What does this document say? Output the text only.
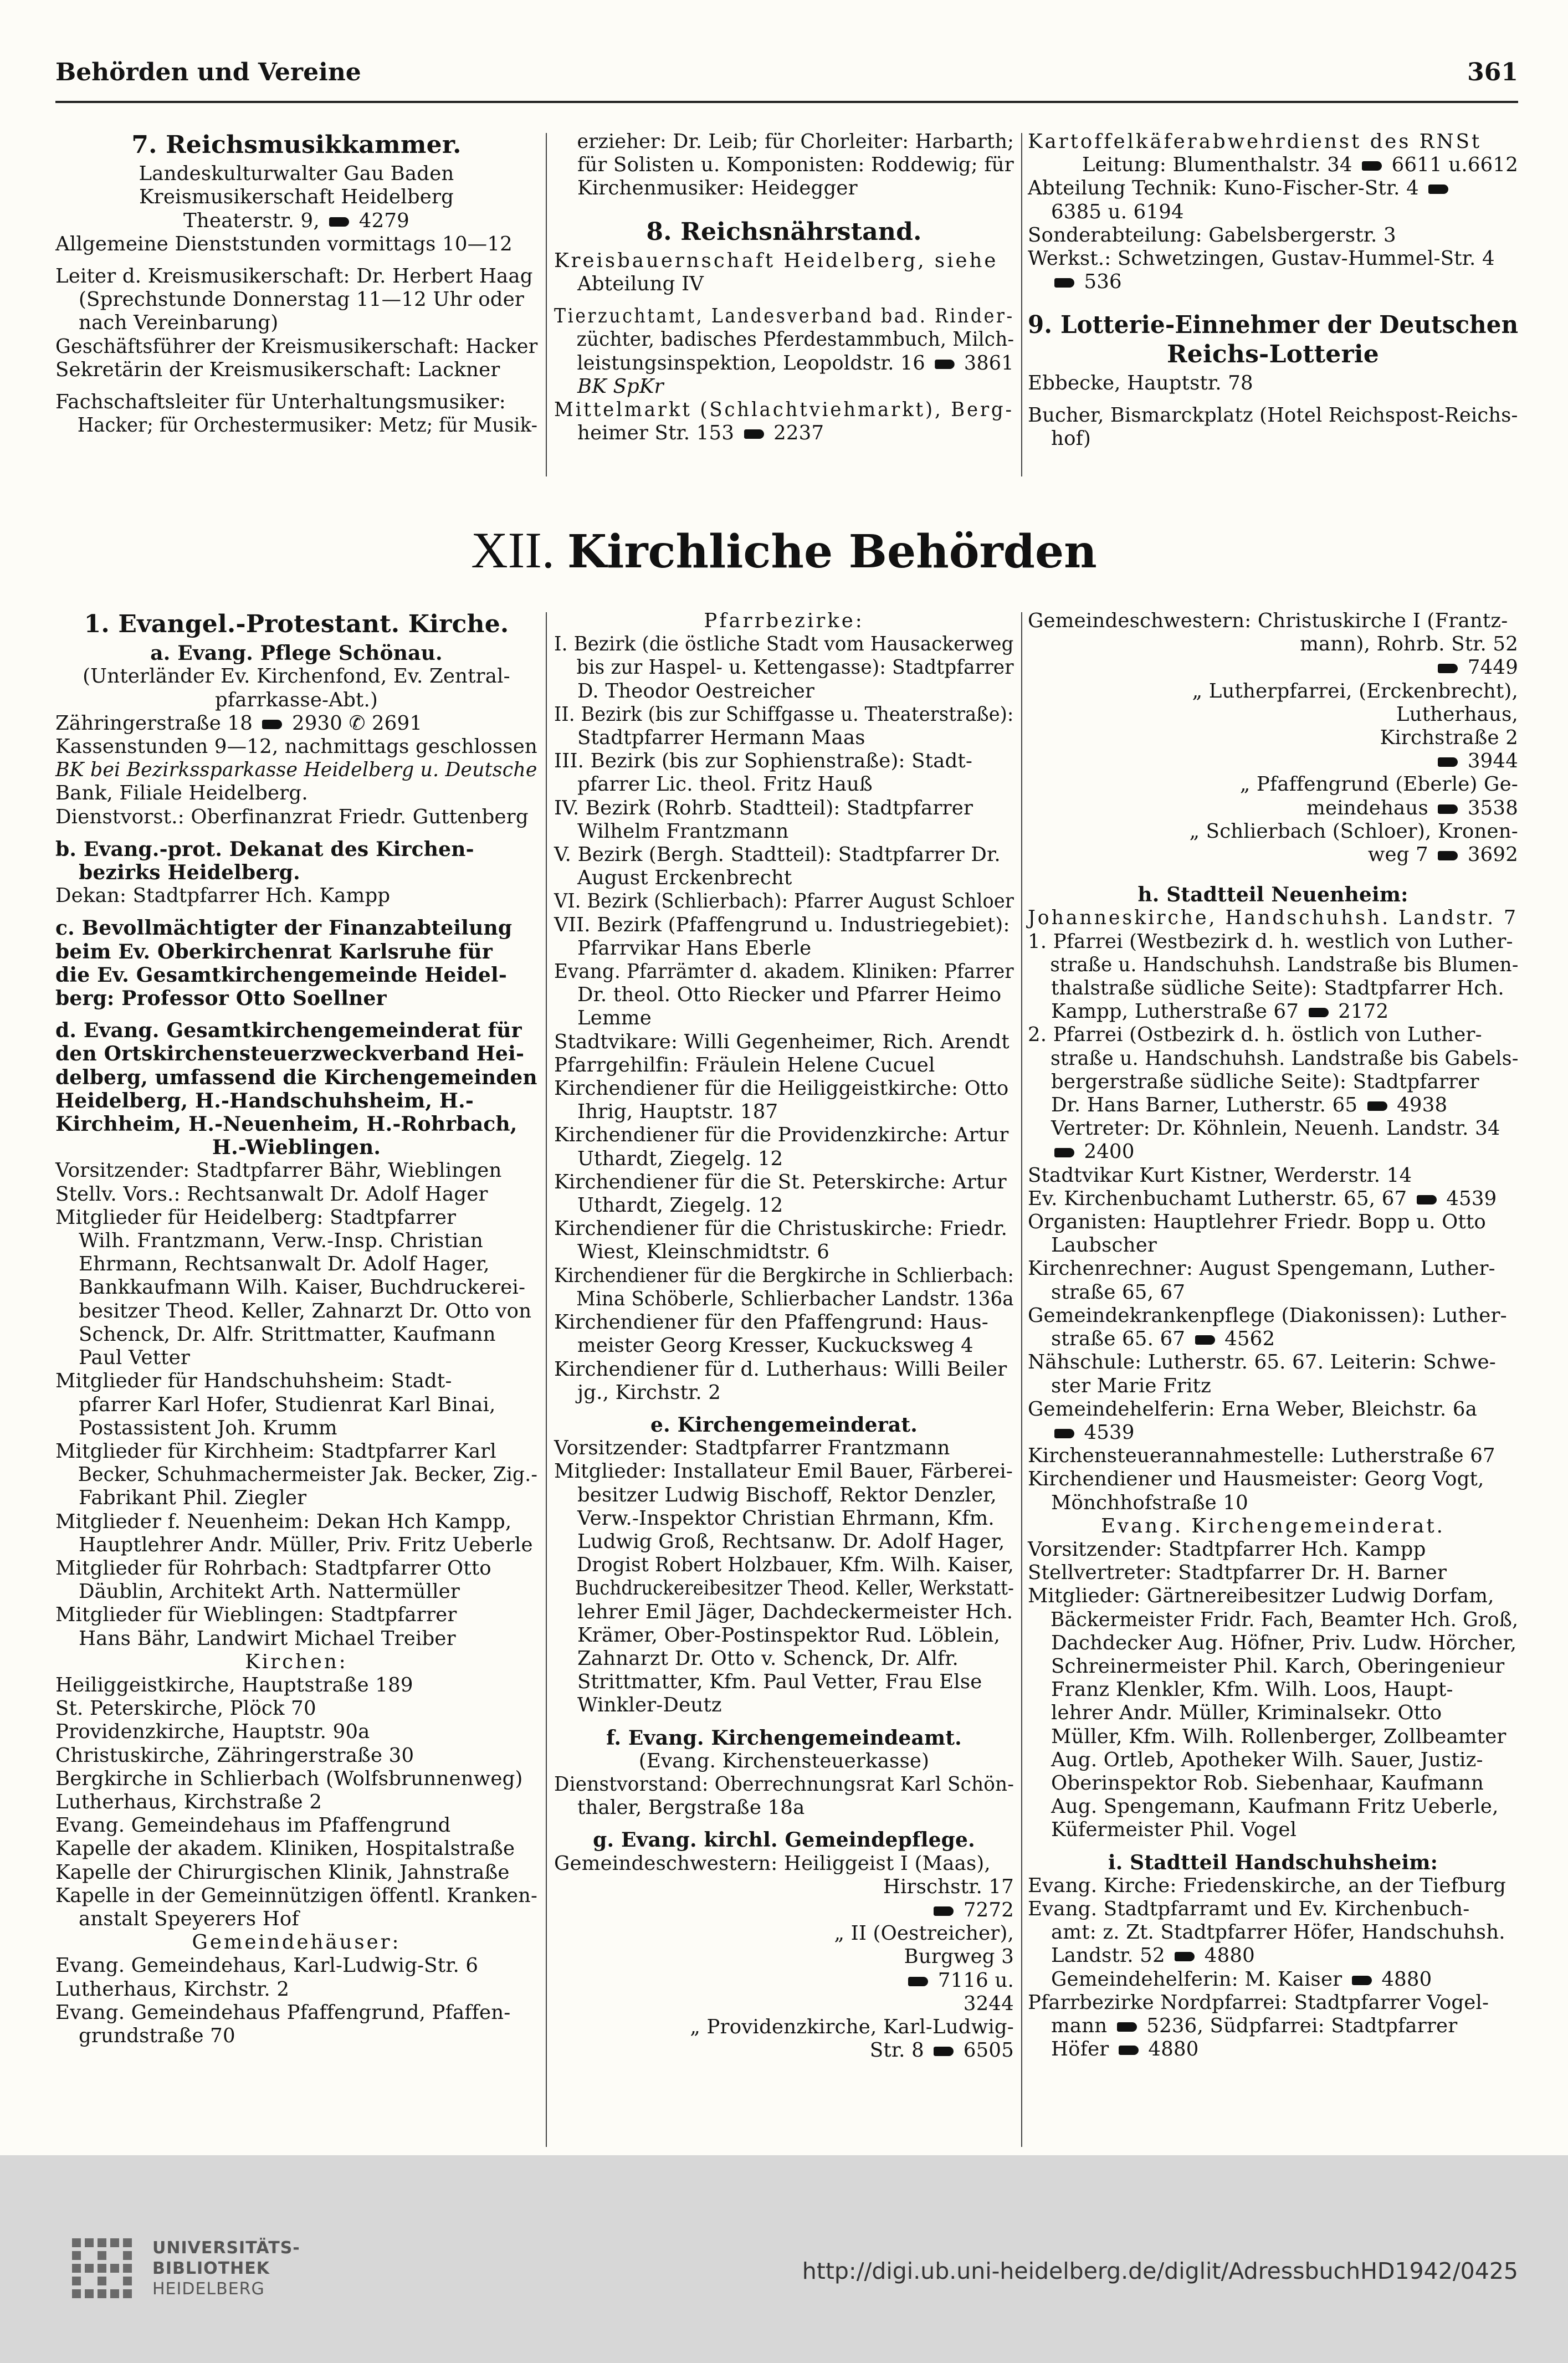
Behörden und Vereine	361

7. Reichsmusikkammer.

Landeskulturwalter Gau Baden

Kreismusikerschaft Heidelberg

Theaterstr. 9,  4279

Allgemeine Dienststunden vormittags 10—12

Leiter d. Kreismusikerschaft: Dr. Herbert Haag

(Sprechstunde Donnerstag 11—12 Uhr oder

nach Vereinbarung)

Geschäftsführer der Kreismusikerschaft: Hacker

Sekretärin der Kreismusikerschaft: Lackner

Fachschaftsleiter für Unterhaltungsmusiker:

Hacker; für Orchestermusiker: Metz; für Musik-

erzieher: Dr. Leib; für Chorleiter: Harbarth;

für Solisten u. Komponisten: Roddewig; für

Kirchenmusiker: Heidegger

8. Reichsnährstand.

Kreisbauernschaft Heidelberg, siehe

Abteilung IV

Tierzuchtamt, Landesverband bad. Rinder-

züchter, badisches Pferdestammbuch, Milch-

leistungsinspektion, Leopoldstr. 16  3861

BK SpKr

Mittelmarkt (Schlachtviehmarkt), Berg-

heimer Str. 153  2237

Kartoffelkäferabwehrdienst des RNSt

Leitung: Blumenthalstr. 34  6611 u.6612

Abteilung Technik: Kuno-Fischer-Str. 4

6385 u. 6194

Sonderabteilung: Gabelsbergerstr. 3

Werkst.: Schwetzingen, Gustav-Hummel-Str. 4

536

9. Lotterie-Einnehmer der Deutschen

Reichs-Lotterie

Ebbecke, Hauptstr. 78

Bucher, Bismarckplatz (Hotel Reichspost-Reichs-

hof)

XII. Kirchliche Behörden

1. Evangel.-Protestant. Kirche.

a. Evang. Pflege Schönau.

(Unterländer Ev. Kirchenfond, Ev. Zentral-

pfarrkasse-Abt.)

Zähringerstraße 18  2930 ✆ 2691

Kassenstunden 9—12, nachmittags geschlossen

BK bei Bezirkssparkasse Heidelberg u. Deutsche

Bank, Filiale Heidelberg.

Dienstvorst.: Oberfinanzrat Friedr. Guttenberg

b. Evang.-prot. Dekanat des Kirchen-

bezirks Heidelberg.

Dekan: Stadtpfarrer Hch. Kampp

c. Bevollmächtigter der Finanzabteilung

beim Ev. Oberkirchenrat Karlsruhe für

die Ev. Gesamtkirchengemeinde Heidel-

berg: Professor Otto Soellner

d. Evang. Gesamtkirchengemeinderat für

den Ortskirchensteuerzweckverband Hei-

delberg, umfassend die Kirchengemeinden

Heidelberg, H.-Handschuhsheim, H.-

Kirchheim, H.-Neuenheim, H.-Rohrbach,

H.-Wieblingen.

Vorsitzender: Stadtpfarrer Bähr, Wieblingen

Stellv. Vors.: Rechtsanwalt Dr. Adolf Hager

Mitglieder für Heidelberg: Stadtpfarrer

Wilh. Frantzmann, Verw.-Insp. Christian

Ehrmann, Rechtsanwalt Dr. Adolf Hager,

Bankkaufmann Wilh. Kaiser, Buchdruckerei-

besitzer Theod. Keller, Zahnarzt Dr. Otto von

Schenck, Dr. Alfr. Strittmatter, Kaufmann

Paul Vetter

Mitglieder für Handschuhsheim: Stadt-

pfarrer Karl Hofer, Studienrat Karl Binai,

Postassistent Joh. Krumm

Mitglieder für Kirchheim: Stadtpfarrer Karl

Becker, Schuhmachermeister Jak. Becker, Zig.-

Fabrikant Phil. Ziegler

Mitglieder f. Neuenheim: Dekan Hch Kampp,

Hauptlehrer Andr. Müller, Priv. Fritz Ueberle

Mitglieder für Rohrbach: Stadtpfarrer Otto

Däublin, Architekt Arth. Nattermüller

Mitglieder für Wieblingen: Stadtpfarrer

Hans Bähr, Landwirt Michael Treiber

Kirchen:

Heiliggeistkirche, Hauptstraße 189

St. Peterskirche, Plöck 70

Providenzkirche, Hauptstr. 90a

Christuskirche, Zähringerstraße 30

Bergkirche in Schlierbach (Wolfsbrunnenweg)

Lutherhaus, Kirchstraße 2

Evang. Gemeindehaus im Pfaffengrund

Kapelle der akadem. Kliniken, Hospitalstraße

Kapelle der Chirurgischen Klinik, Jahnstraße

Kapelle in der Gemeinnützigen öffentl. Kranken-

anstalt Speyerers Hof

Gemeindehäuser:

Evang. Gemeindehaus, Karl-Ludwig-Str. 6

Lutherhaus, Kirchstr. 2

Evang. Gemeindehaus Pfaffengrund, Pfaffen-

grundstraße 70

Pfarrbezirke:

I. Bezirk (die östliche Stadt vom Hausackerweg

bis zur Haspel- u. Kettengasse): Stadtpfarrer

D. Theodor Oestreicher

II. Bezirk (bis zur Schiffgasse u. Theaterstraße):

Stadtpfarrer Hermann Maas

III. Bezirk (bis zur Sophienstraße): Stadt-

pfarrer Lic. theol. Fritz Hauß

IV. Bezirk (Rohrb. Stadtteil): Stadtpfarrer

Wilhelm Frantzmann

V. Bezirk (Bergh. Stadtteil): Stadtpfarrer Dr.

August Erckenbrecht

VI. Bezirk (Schlierbach): Pfarrer August Schloer

VII. Bezirk (Pfaffengrund u. Industriegebiet):

Pfarrvikar Hans Eberle

Evang. Pfarrämter d. akadem. Kliniken: Pfarrer

Dr. theol. Otto Riecker und Pfarrer Heimo

Lemme

Stadtvikare: Willi Gegenheimer, Rich. Arendt

Pfarrgehilfin: Fräulein Helene Cucuel

Kirchendiener für die Heiliggeistkirche: Otto

Ihrig, Hauptstr. 187

Kirchendiener für die Providenzkirche: Artur

Uthardt, Ziegelg. 12

Kirchendiener für die St. Peterskirche: Artur

Uthardt, Ziegelg. 12

Kirchendiener für die Christuskirche: Friedr.

Wiest, Kleinschmidtstr. 6

Kirchendiener für die Bergkirche in Schlierbach:

Mina Schöberle, Schlierbacher Landstr. 136a

Kirchendiener für den Pfaffengrund: Haus-

meister Georg Kresser, Kuckucksweg 4

Kirchendiener für d. Lutherhaus: Willi Beiler

jg., Kirchstr. 2

e. Kirchengemeinderat.

Vorsitzender: Stadtpfarrer Frantzmann

Mitglieder: Installateur Emil Bauer, Färberei-

besitzer Ludwig Bischoff, Rektor Denzler,

Verw.-Inspektor Christian Ehrmann, Kfm.

Ludwig Groß, Rechtsanw. Dr. Adolf Hager,

Drogist Robert Holzbauer, Kfm. Wilh. Kaiser,

Buchdruckereibesitzer Theod. Keller, Werkstatt-

lehrer Emil Jäger, Dachdeckermeister Hch.

Krämer, Ober-Postinspektor Rud. Löblein,

Zahnarzt Dr. Otto v. Schenck, Dr. Alfr.

Strittmatter, Kfm. Paul Vetter, Frau Else

Winkler-Deutz

f. Evang. Kirchengemeindeamt.

(Evang. Kirchensteuerkasse)

Dienstvorstand: Oberrechnungsrat Karl Schön-

thaler, Bergstraße 18a

g. Evang. kirchl. Gemeindepflege.

Gemeindeschwestern: Heiliggeist I (Maas),

Hirschstr. 17

7272

„ II (Oestreicher),

Burgweg 3

7116 u.

3244

„ Providenzkirche, Karl-Ludwig-

Str. 8  6505

Gemeindeschwestern: Christuskirche I (Frantz-

mann), Rohrb. Str. 52

7449

„ Lutherpfarrei, (Erckenbrecht),

Lutherhaus,

Kirchstraße 2

3944

„ Pfaffengrund (Eberle) Ge-

meindehaus  3538

„ Schlierbach (Schloer), Kronen-

weg 7  3692

h. Stadtteil Neuenheim:

Johanneskirche, Handschuhsh. Landstr. 7

1. Pfarrei (Westbezirk d. h. westlich von Luther-

straße u. Handschuhsh. Landstraße bis Blumen-

thalstraße südliche Seite): Stadtpfarrer Hch.

Kampp, Lutherstraße 67  2172

2. Pfarrei (Ostbezirk d. h. östlich von Luther-

straße u. Handschuhsh. Landstraße bis Gabels-

bergerstraße südliche Seite): Stadtpfarrer

Dr. Hans Barner, Lutherstr. 65  4938

Vertreter: Dr. Köhnlein, Neuenh. Landstr. 34

2400

Stadtvikar Kurt Kistner, Werderstr. 14

Ev. Kirchenbuchamt Lutherstr. 65, 67  4539

Organisten: Hauptlehrer Friedr. Bopp u. Otto

Laubscher

Kirchenrechner: August Spengemann, Luther-

straße 65, 67

Gemeindekrankenpflege (Diakonissen): Luther-

straße 65. 67  4562

Nähschule: Lutherstr. 65. 67. Leiterin: Schwe-

ster Marie Fritz

Gemeindehelferin: Erna Weber, Bleichstr. 6a

4539

Kirchensteuerannahmestelle: Lutherstraße 67

Kirchendiener und Hausmeister: Georg Vogt,

Mönchhofstraße 10

Evang. Kirchengemeinderat.

Vorsitzender: Stadtpfarrer Hch. Kampp

Stellvertreter: Stadtpfarrer Dr. H. Barner

Mitglieder: Gärtnereibesitzer Ludwig Dorfam,

Bäckermeister Fridr. Fach, Beamter Hch. Groß,

Dachdecker Aug. Höfner, Priv. Ludw. Hörcher,

Schreinermeister Phil. Karch, Oberingenieur

Franz Klenkler, Kfm. Wilh. Loos, Haupt-

lehrer Andr. Müller, Kriminalsekr. Otto

Müller, Kfm. Wilh. Rollenberger, Zollbeamter

Aug. Ortleb, Apotheker Wilh. Sauer, Justiz-

Oberinspektor Rob. Siebenhaar, Kaufmann

Aug. Spengemann, Kaufmann Fritz Ueberle,

Küfermeister Phil. Vogel

i. Stadtteil Handschuhsheim:

Evang. Kirche: Friedenskirche, an der Tiefburg

Evang. Stadtpfarramt und Ev. Kirchenbuch-

amt: z. Zt. Stadtpfarrer Höfer, Handschuhsh.

Landstr. 52  4880

Gemeindehelferin: M. Kaiser  4880

Pfarrbezirke Nordpfarrei: Stadtpfarrer Vogel-

mann  5236, Südpfarrei: Stadtpfarrer

Höfer  4880

UNIVERSITÄTS-
BIBLIOTHEK
HEIDELBERG
http://digi.ub.uni-heidelberg.de/diglit/AdressbuchHD1942/0425
